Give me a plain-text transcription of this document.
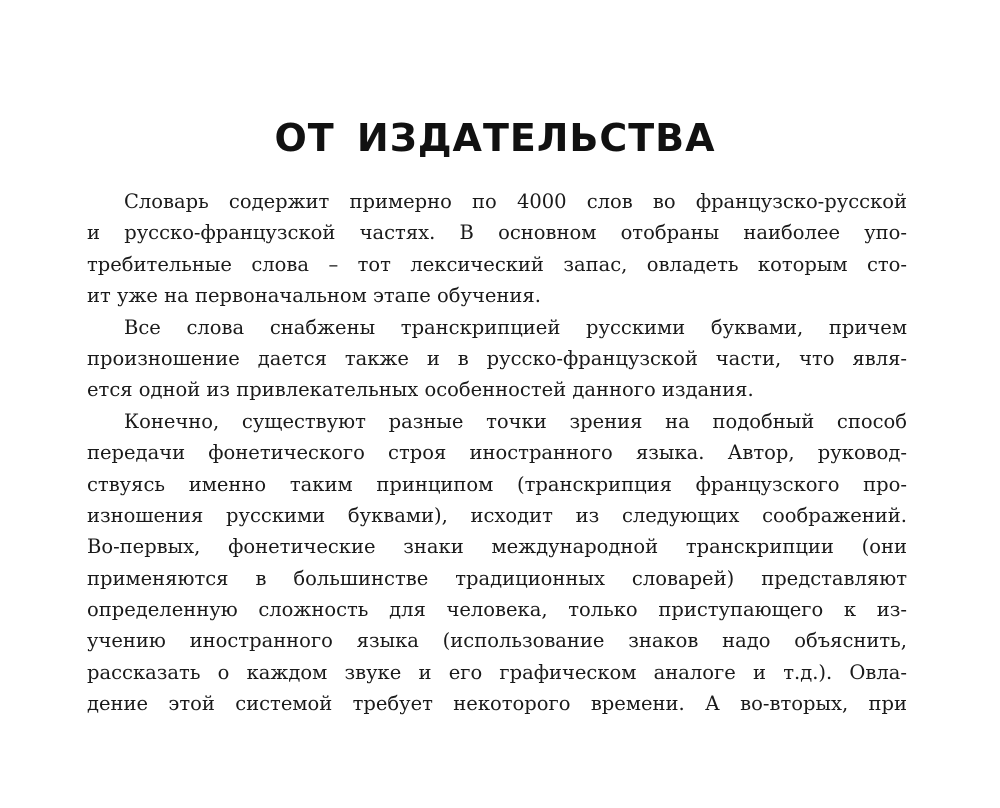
ОТ ИЗДАТЕЛЬСТВА
Словарь содержит примерно по 4000 слов во французско-русской
и русско-французской частях. В основном отобраны наиболее упо-
требительные слова – тот лексический запас, овладеть которым сто-
ит уже на первоначальном этапе обучения.
Все слова снабжены транскрипцией русскими буквами, причем
произношение дается также и в русско-французской части, что явля-
ется одной из привлекательных особенностей данного издания.
Конечно, существуют разные точки зрения на подобный способ
передачи фонетического строя иностранного языка. Автор, руковод-
ствуясь именно таким принципом (транскрипция французского про-
изношения русскими буквами), исходит из следующих соображений.
Во-первых, фонетические знаки международной транскрипции (они
применяются в большинстве традиционных словарей) представляют
определенную сложность для человека, только приступающего к из-
учению иностранного языка (использование знаков надо объяснить,
рассказать о каждом звуке и его графическом аналоге и т.д.). Овла-
дение этой системой требует некоторого времени. А во-вторых, при
